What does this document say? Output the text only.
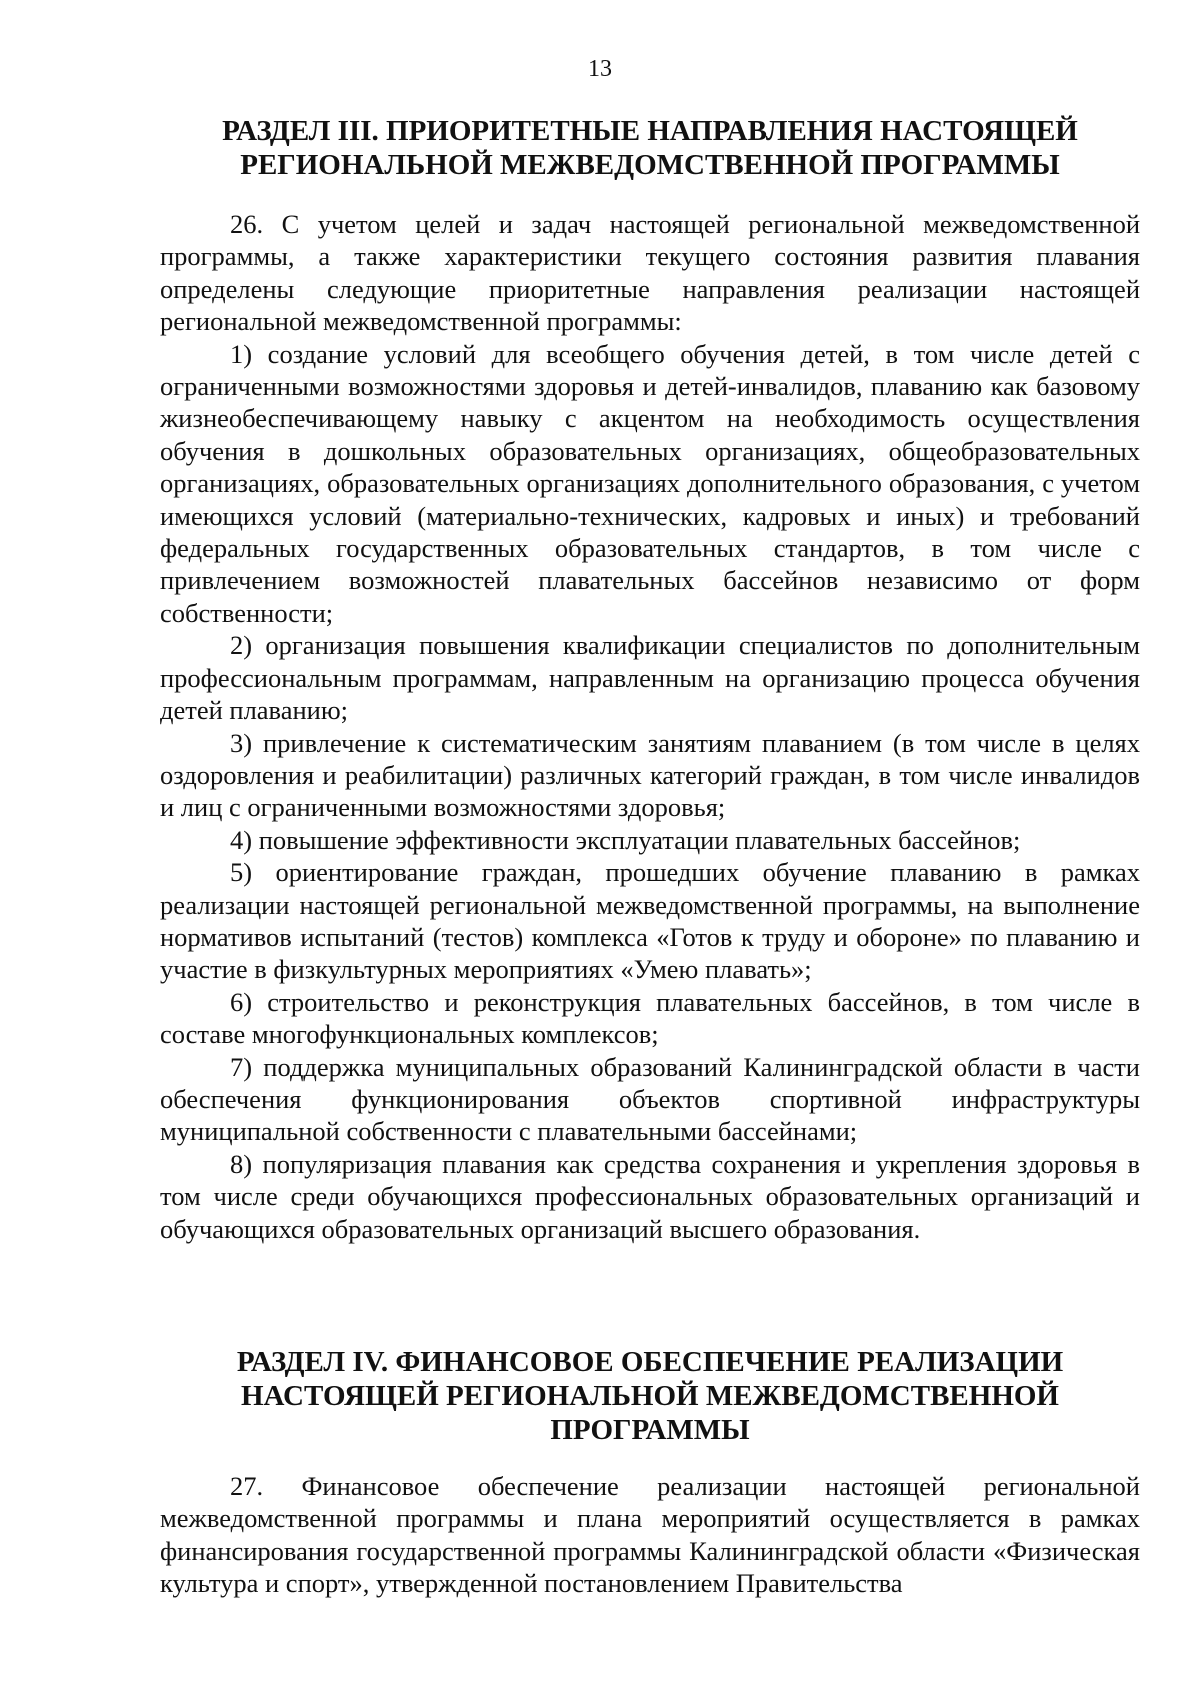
13
РАЗДЕЛ III. ПРИОРИТЕТНЫЕ НАПРАВЛЕНИЯ НАСТОЯЩЕЙ РЕГИОНАЛЬНОЙ МЕЖВЕДОМСТВЕННОЙ ПРОГРАММЫ

26. С учетом целей и задач настоящей региональной межведомственной программы, а также характеристики текущего состояния развития плавания определены следующие приоритетные направления реализации настоящей региональной межведомственной программы:

1) создание условий для всеобщего обучения детей, в том числе детей с ограниченными возможностями здоровья и детей-инвалидов, плаванию как базовому жизнеобеспечивающему навыку с акцентом на необходимость осуществления обучения в дошкольных образовательных организациях, общеобразовательных организациях, образовательных организациях дополнительного образования, с учетом имеющихся условий (материально-технических, кадровых и иных) и требований федеральных государственных образовательных стандартов, в том числе с привлечением возможностей плавательных бассейнов независимо от форм собственности;

2) организация повышения квалификации специалистов по дополнительным профессиональным программам, направленным на организацию процесса обучения детей плаванию;

3) привлечение к систематическим занятиям плаванием (в том числе в целях оздоровления и реабилитации) различных категорий граждан, в том числе инвалидов и лиц с ограниченными возможностями здоровья;

4) повышение эффективности эксплуатации плавательных бассейнов;

5) ориентирование граждан, прошедших обучение плаванию в рамках реализации настоящей региональной межведомственной программы, на выполнение нормативов испытаний (тестов) комплекса «Готов к труду и обороне» по плаванию и участие в физкультурных мероприятиях «Умею плавать»;

6) строительство и реконструкция плавательных бассейнов, в том числе в составе многофункциональных комплексов;

7) поддержка муниципальных образований Калининградской области в части обеспечения функционирования объектов спортивной инфраструктуры муниципальной собственности с плавательными бассейнами;

8) популяризация плавания как средства сохранения и укрепления здоровья в том числе среди обучающихся профессиональных образовательных организаций и обучающихся образовательных организаций высшего образования.

РАЗДЕЛ IV. ФИНАНСОВОЕ ОБЕСПЕЧЕНИЕ РЕАЛИЗАЦИИ НАСТОЯЩЕЙ РЕГИОНАЛЬНОЙ МЕЖВЕДОМСТВЕННОЙ ПРОГРАММЫ

27. Финансовое обеспечение реализации настоящей региональной межведомственной программы и плана мероприятий осуществляется в рамках финансирования государственной программы Калининградской области «Физическая культура и спорт», утвержденной постановлением Правительства
